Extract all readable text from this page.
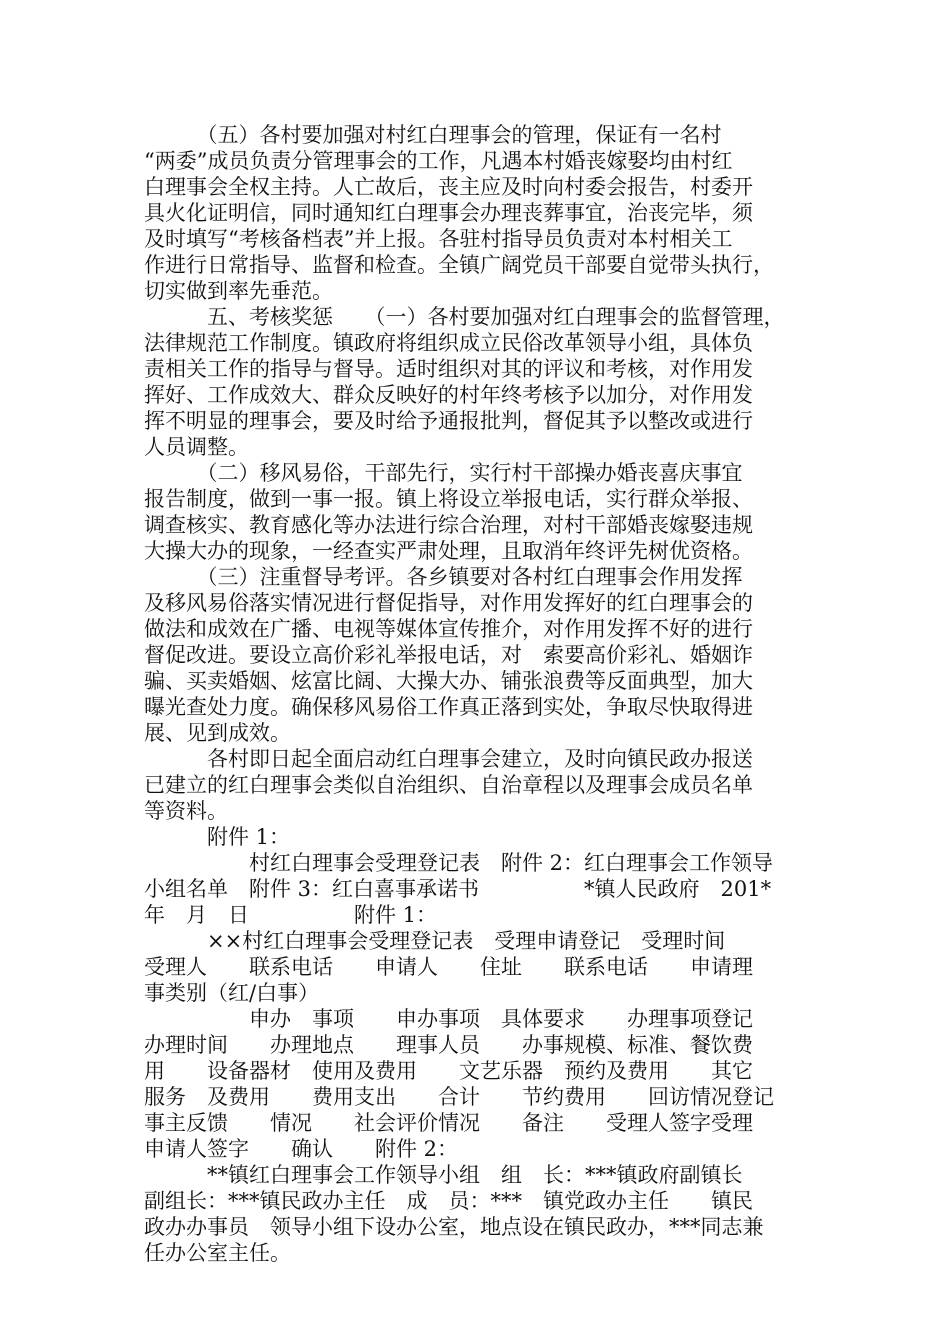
　　　（五）各村要加强对村红白理事会的管理，保证有一名村
“两委”成员负责分管理事会的工作，凡遇本村婚丧嫁娶均由村红
白理事会全权主持。人亡故后，丧主应及时向村委会报告，村委开
具火化证明信，同时通知红白理事会办理丧葬事宜，治丧完毕，须
及时填写“考核备档表”并上报。各驻村指导员负责对本村相关工
作进行日常指导、监督和检查。全镇广阔党员干部要自觉带头执行，
切实做到率先垂范。
　　　五、考核奖惩　　（一）各村要加强对红白理事会的监督管理，
法律规范工作制度。镇政府将组织成立民俗改革领导小组，具体负
责相关工作的指导与督导。适时组织对其的评议和考核，对作用发
挥好、工作成效大、群众反映好的村年终考核予以加分，对作用发
挥不明显的理事会，要及时给予通报批判，督促其予以整改或进行
人员调整。
　　　（二）移风易俗，干部先行，实行村干部操办婚丧喜庆事宜
报告制度，做到一事一报。镇上将设立举报电话，实行群众举报、
调查核实、教育感化等办法进行综合治理，对村干部婚丧嫁娶违规
大操大办的现象，一经查实严肃处理，且取消年终评先树优资格。
　　　（三）注重督导考评。各乡镇要对各村红白理事会作用发挥
及移风易俗落实情况进行督促指导，对作用发挥好的红白理事会的
做法和成效在广播、电视等媒体宣传推介，对作用发挥不好的进行
督促改进。要设立高价彩礼举报电话，对　索要高价彩礼、婚姻诈
骗、买卖婚姻、炫富比阔、大操大办、铺张浪费等反面典型，加大
曝光查处力度。确保移风易俗工作真正落到实处，争取尽快取得进
展、见到成效。
　　　各村即日起全面启动红白理事会建立，及时向镇民政办报送
已建立的红白理事会类似自治组织、自治章程以及理事会成员名单
等资料。
　　　附件 1：
　　　　　村红白理事会受理登记表　附件 2：红白理事会工作领导
小组名单　附件 3：红白喜事承诺书　　　　　*镇人民政府　201*
年　月　日　　　　　附件 1：
　　　××村红白理事会受理登记表　受理申请登记　受理时间
受理人　　联系电话　　申请人　　住址　　联系电话　　申请理
事类别（红/白事）
　　　　　申办　事项　　申办事项　具体要求　　办理事项登记
办理时间　　办理地点　　理事人员　　办事规模、标准、餐饮费
用　　设备器材　使用及费用　　文艺乐器　预约及费用　　其它
服务　及费用　　费用支出　　合计　　节约费用　　回访情况登记
事主反馈　　情况　　社会评价情况　　备注　　受理人签字受理
申请人签字　　确认　　附件 2：
　　　**镇红白理事会工作领导小组　组　长：***镇政府副镇长
副组长：***镇民政办主任　成　员：***　镇党政办主任　　镇民
政办办事员　领导小组下设办公室，地点设在镇民政办，***同志兼
任办公室主任。
